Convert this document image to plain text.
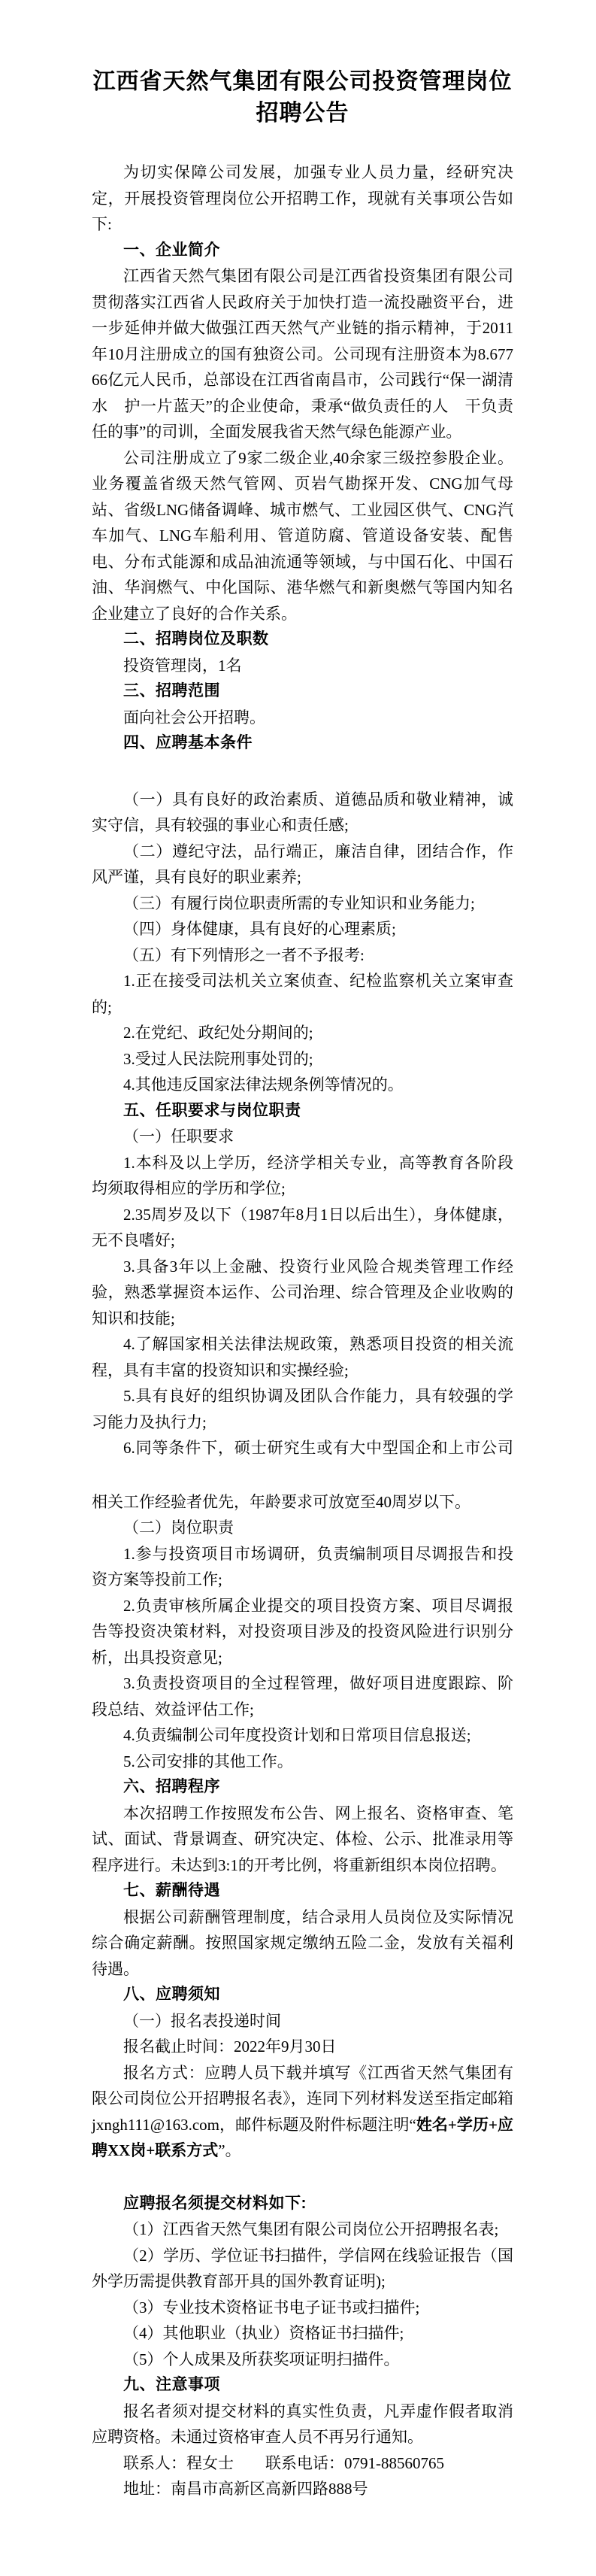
江西省天然气集团有限公司投资管理岗位招聘公告
为切实保障公司发展，加强专业人员力量，经研究决定，开展投资管理岗位公开招聘工作，现就有关事项公告如下:
一、企业简介
江西省天然气集团有限公司是江西省投资集团有限公司贯彻落实江西省人民政府关于加快打造一流投融资平台，进一步延伸并做大做强江西天然气产业链的指示精神，于2011年10月注册成立的国有独资公司。公司现有注册资本为8.67766亿元人民币，总部设在江西省南昌市，公司践行“保一湖清水　护一片蓝天”的企业使命，秉承“做负责任的人　干负责任的事”的司训，全面发展我省天然气绿色能源产业。
公司注册成立了9家二级企业,40余家三级控参股企业。业务覆盖省级天然气管网、页岩气勘探开发、CNG加气母站、省级LNG储备调峰、城市燃气、工业园区供气、CNG汽车加气、LNG车船利用、管道防腐、管道设备安装、配售电、分布式能源和成品油流通等领域，与中国石化、中国石油、华润燃气、中化国际、港华燃气和新奥燃气等国内知名企业建立了良好的合作关系。
二、招聘岗位及职数
投资管理岗，1名
三、招聘范围
面向社会公开招聘。
四、应聘基本条件
（一）具有良好的政治素质、道德品质和敬业精神，诚实守信，具有较强的事业心和责任感;
（二）遵纪守法，品行端正，廉洁自律，团结合作，作风严谨，具有良好的职业素养;
（三）有履行岗位职责所需的专业知识和业务能力;
（四）身体健康，具有良好的心理素质;
（五）有下列情形之一者不予报考:
1.正在接受司法机关立案侦查、纪检监察机关立案审查的;
2.在党纪、政纪处分期间的;
3.受过人民法院刑事处罚的;
4.其他违反国家法律法规条例等情况的。
五、任职要求与岗位职责
（一）任职要求
1.本科及以上学历，经济学相关专业，高等教育各阶段均须取得相应的学历和学位;
2.35周岁及以下（1987年8月1日以后出生），身体健康，无不良嗜好;
3.具备3年以上金融、投资行业风险合规类管理工作经验，熟悉掌握资本运作、公司治理、综合管理及企业收购的知识和技能;
4.了解国家相关法律法规政策，熟悉项目投资的相关流程，具有丰富的投资知识和实操经验;
5.具有良好的组织协调及团队合作能力，具有较强的学习能力及执行力;
6.同等条件下，硕士研究生或有大中型国企和上市公司
相关工作经验者优先，年龄要求可放宽至40周岁以下。
（二）岗位职责
1.参与投资项目市场调研，负责编制项目尽调报告和投资方案等投前工作;
2.负责审核所属企业提交的项目投资方案、项目尽调报告等投资决策材料，对投资项目涉及的投资风险进行识别分析，出具投资意见;
3.负责投资项目的全过程管理，做好项目进度跟踪、阶段总结、效益评估工作;
4.负责编制公司年度投资计划和日常项目信息报送;
5.公司安排的其他工作。
六、招聘程序
本次招聘工作按照发布公告、网上报名、资格审查、笔试、面试、背景调查、研究决定、体检、公示、批准录用等程序进行。未达到3:1的开考比例，将重新组织本岗位招聘。
七、薪酬待遇
根据公司薪酬管理制度，结合录用人员岗位及实际情况综合确定薪酬。按照国家规定缴纳五险二金，发放有关福利待遇。
八、应聘须知
（一）报名表投递时间
报名截止时间：2022年9月30日
报名方式：应聘人员下载并填写《江西省天然气集团有限公司岗位公开招聘报名表》，连同下列材料发送至指定邮箱 jxngh111@163.com，邮件标题及附件标题注明“姓名+学历+应聘XX岗+联系方式”。
应聘报名须提交材料如下:
（1）江西省天然气集团有限公司岗位公开招聘报名表;
（2）学历、学位证书扫描件，学信网在线验证报告（国外学历需提供教育部开具的国外教育证明);
（3）专业技术资格证书电子证书或扫描件;
（4）其他职业（执业）资格证书扫描件;
（5）个人成果及所获奖项证明扫描件。
九、注意事项
报名者须对提交材料的真实性负责，凡弄虚作假者取消应聘资格。未通过资格审查人员不再另行通知。
联系人：程女士　　联系电话：0791-88560765
地址：南昌市高新区高新四路888号
